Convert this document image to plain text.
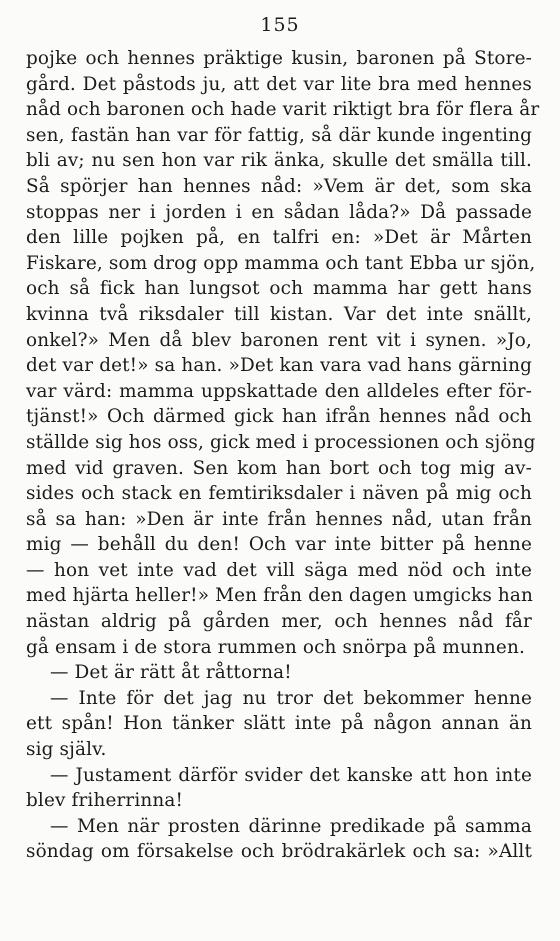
155
pojke och hennes präktige kusin, baronen på Store-
gård. Det påstods ju, att det var lite bra med hennes
nåd och baronen och hade varit riktigt bra för flera år
sen, fastän han var för fattig, så där kunde ingenting
bli av; nu sen hon var rik änka, skulle det smälla till.
Så spörjer han hennes nåd: »Vem är det, som ska
stoppas ner i jorden i en sådan låda?» Då passade
den lille pojken på, en talfri en: »Det är Mårten
Fiskare, som drog opp mamma och tant Ebba ur sjön,
och så fick han lungsot och mamma har gett hans
kvinna två riksdaler till kistan. Var det inte snällt,
onkel?» Men då blev baronen rent vit i synen. »Jo,
det var det!» sa han. »Det kan vara vad hans gärning
var värd: mamma uppskattade den alldeles efter för-
tjänst!» Och därmed gick han ifrån hennes nåd och
ställde sig hos oss, gick med i processionen och sjöng
med vid graven. Sen kom han bort och tog mig av-
sides och stack en femtiriksdaler i näven på mig och
så sa han: »Den är inte från hennes nåd, utan från
mig — behåll du den! Och var inte bitter på henne
— hon vet inte vad det vill säga med nöd och inte
med hjärta heller!» Men från den dagen umgicks han
nästan aldrig på gården mer, och hennes nåd får
gå ensam i de stora rummen och snörpa på munnen.
— Det är rätt åt råttorna!
— Inte för det jag nu tror det bekommer henne
ett spån! Hon tänker slätt inte på någon annan än
sig själv.
— Justament därför svider det kanske att hon inte
blev friherrinna!
— Men när prosten därinne predikade på samma
söndag om försakelse och brödrakärlek och sa: »Allt
